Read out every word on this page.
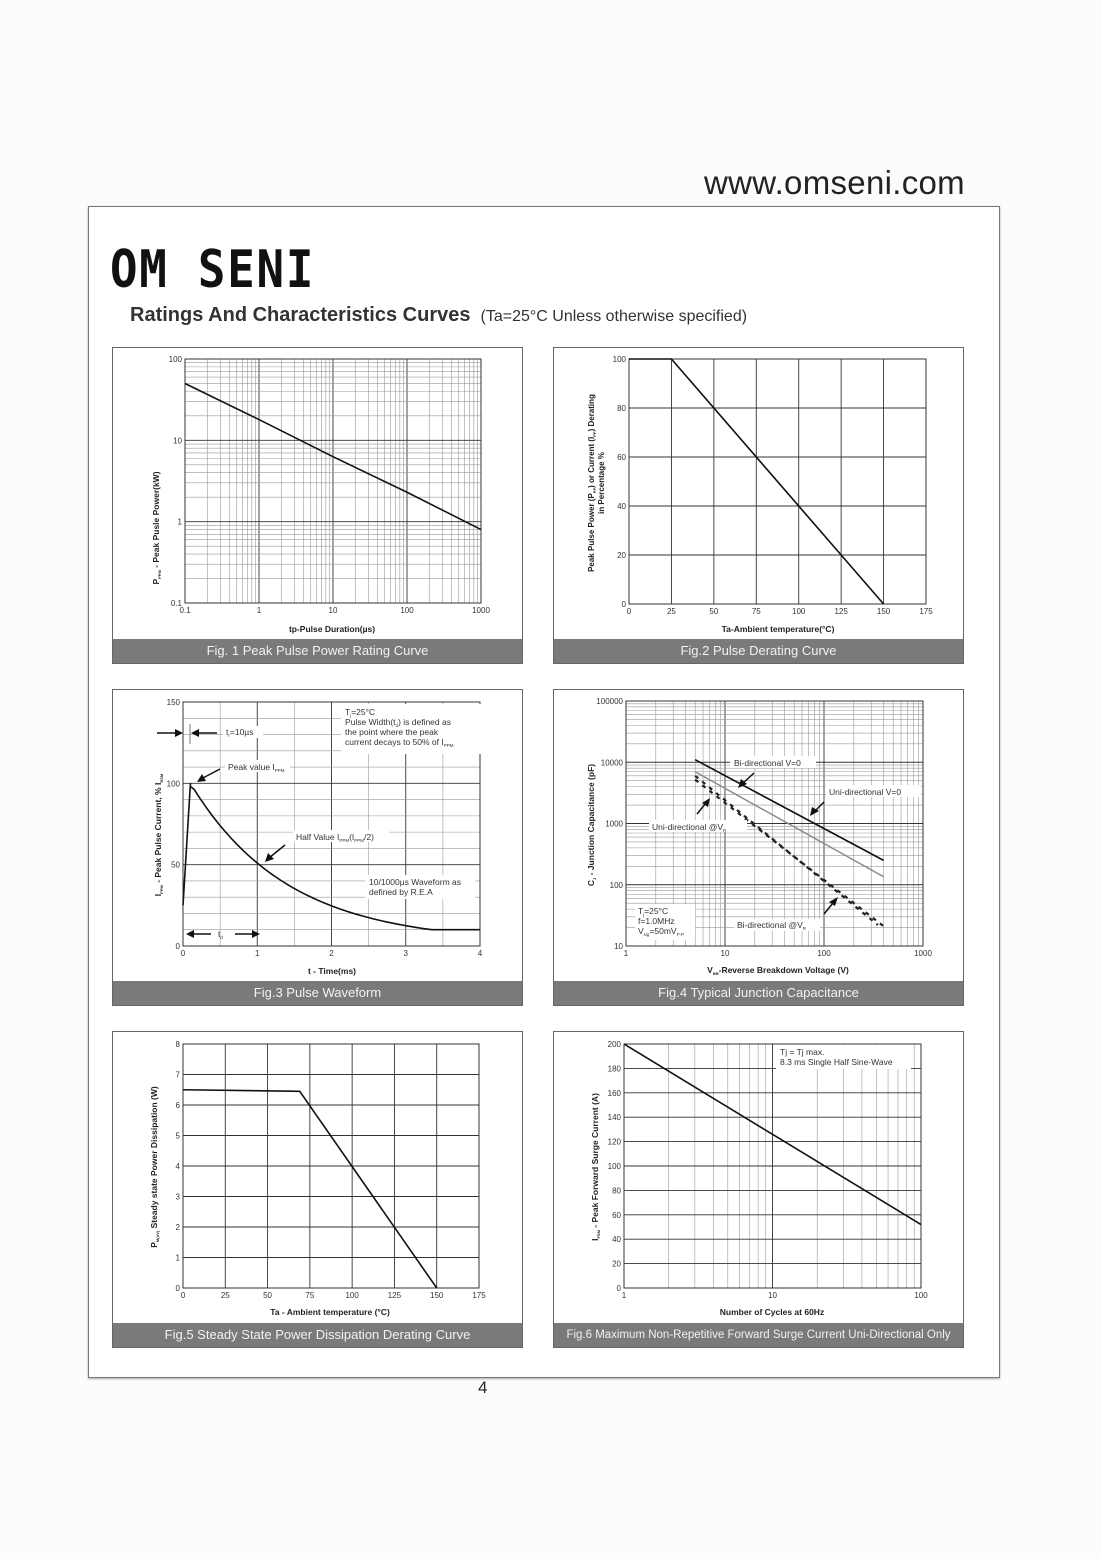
www.omseni.com
OM SENI
Ratings And Characteristics Curves (Ta=25°C Unless otherwise specified)
0.1	1	10	100	1000
0.1
1
10
100
tp-Pulse Duration(µs)
$P_{PPM}$ - Peak Pusle Power(kW)
Fig. 1 Peak Pulse Power Rating Curve
0	25	50	75	100	125	150	175
0
20
40
60
80
100
Ta-Ambient temperature(°C)
Peak Pulse Power $(P_{PP})$ or Current $(I_{PP})$ Derating
in Percentage %
Fig.2 Pulse Derating Curve
0	1	2	3	4
0
50
100
150
$T_j=25^\circ C$
Pulse $Width(t_d)$ is defined as
the point where the peak
current decays to 50% of $I_{PPM}$
$t_r=10\mu s$
Peak value $I_{PPM}$
Half Value $I_{PPM}(I_{PPM}/2)$
10/1000µs Waveform as
defined by R.E.A
$t_d$
t - Time(ms)
$I_{PPM}$ - Peak Pulse Current, % $I_{RSM}$
Fig.3 Pulse Waveform
1	10	100	1000
10
100
1000
10000
100000
Bi-directional V=0
Uni-directional V=0
Uni-directional $@V_R$
Bi-directional $@V_R$
$T_j=25^\circ C$
f=1.0MHz
$V_{sig}=50mV_{P-P}$
$V_{BR}$-Reverse Breakdown Voltage (V)
$C_J$ - Junction Capacitance (pF)
Fig.4 Typical Junction Capacitance
0	25	50	75	100	125	150	175
0
1
2
3
4
5
6
7
8
Ta - Ambient temperature (°C)
$P_{M(AV)}$ Steady state Power Dissipation (W)
Fig.5 Steady State Power Dissipation Derating Curve
1	10	100
0
20
40
60
80
100
120
140
160
180
200
Tj = Tj max.
8.3 ms Single Half Sine-Wave
Number of Cycles at 60Hz
$I_{FSM}$ - Peak Forward Surge Current (A)
Fig.6 Maximum Non-Repetitive Forward Surge Current Uni-Directional Only
4
